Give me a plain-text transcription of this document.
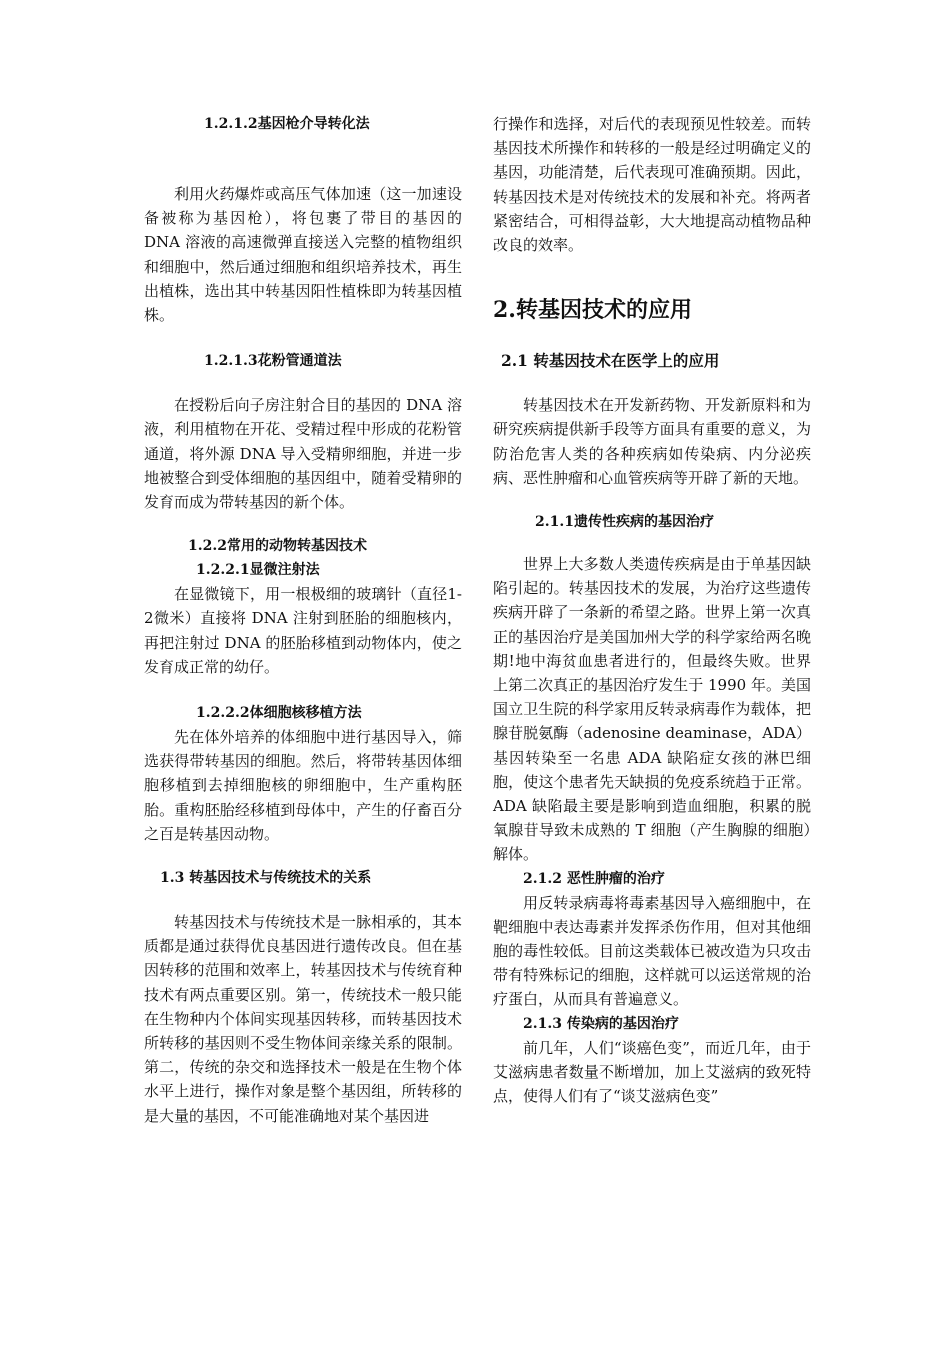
1.2.1.2基因枪介导转化法

利用火药爆炸或高压气体加速（这一加速设备被称为基因枪），将包裹了带目的基因的 DNA 溶液的高速微弹直接送入完整的植物组织和细胞中，然后通过细胞和组织培养技术，再生出植株，选出其中转基因阳性植株即为转基因植株。

1.2.1.3花粉管通道法

在授粉后向子房注射合目的基因的 DNA 溶液，利用植物在开花、受精过程中形成的花粉管通道，将外源 DNA 导入受精卵细胞，并进一步地被整合到受体细胞的基因组中，随着受精卵的发育而成为带转基因的新个体。

1.2.2常用的动物转基因技术
1.2.2.1显微注射法

在显微镜下，用一根极细的玻璃针（直径1-2微米）直接将 DNA 注射到胚胎的细胞核内，再把注射过 DNA 的胚胎移植到动物体内，使之发育成正常的幼仔。

1.2.2.2体细胞核移植方法

先在体外培养的体细胞中进行基因导入，筛选获得带转基因的细胞。然后，将带转基因体细胞移植到去掉细胞核的卵细胞中，生产重构胚胎。重构胚胎经移植到母体中，产生的仔畜百分之百是转基因动物。

1.3 转基因技术与传统技术的关系

转基因技术与传统技术是一脉相承的，其本质都是通过获得优良基因进行遗传改良。但在基因转移的范围和效率上，转基因技术与传统育种技术有两点重要区别。第一，传统技术一般只能在生物种内个体间实现基因转移，而转基因技术所转移的基因则不受生物体间亲缘关系的限制。第二，传统的杂交和选择技术一般是在生物个体水平上进行，操作对象是整个基因组，所转移的是大量的基因，不可能准确地对某个基因进

行操作和选择，对后代的表现预见性较差。而转基因技术所操作和转移的一般是经过明确定义的基因，功能清楚，后代表现可准确预期。因此，转基因技术是对传统技术的发展和补充。将两者紧密结合，可相得益彰，大大地提高动植物品种改良的效率。

2.转基因技术的应用
2.1 转基因技术在医学上的应用

转基因技术在开发新药物、开发新原料和为研究疾病提供新手段等方面具有重要的意义，为防治危害人类的各种疾病如传染病、内分泌疾病、恶性肿瘤和心血管疾病等开辟了新的天地。

2.1.1遗传性疾病的基因治疗

世界上大多数人类遗传疾病是由于单基因缺陷引起的。转基因技术的发展，为治疗这些遗传疾病开辟了一条新的希望之路。世界上第一次真正的基因治疗是美国加州大学的科学家给两名晚期!地中海贫血患者进行的，但最终失败。世界上第二次真正的基因治疗发生于 1990 年。美国国立卫生院的科学家用反转录病毒作为载体，把腺苷脱氨酶（adenosine deaminase，ADA）基因转染至一名患 ADA 缺陷症女孩的淋巴细胞，使这个患者先天缺损的免疫系统趋于正常。ADA 缺陷最主要是影响到造血细胞，积累的脱氧腺苷导致未成熟的 T 细胞（产生胸腺的细胞）解体。

2.1.2 恶性肿瘤的治疗

用反转录病毒将毒素基因导入癌细胞中，在靶细胞中表达毒素并发挥杀伤作用，但对其他细胞的毒性较低。目前这类载体已被改造为只攻击带有特殊标记的细胞，这样就可以运送常规的治疗蛋白，从而具有普遍意义。

2.1.3 传染病的基因治疗

前几年，人们“谈癌色变”，而近几年，由于艾滋病患者数量不断增加，加上艾滋病的致死特点，使得人们有了“谈艾滋病色变”
